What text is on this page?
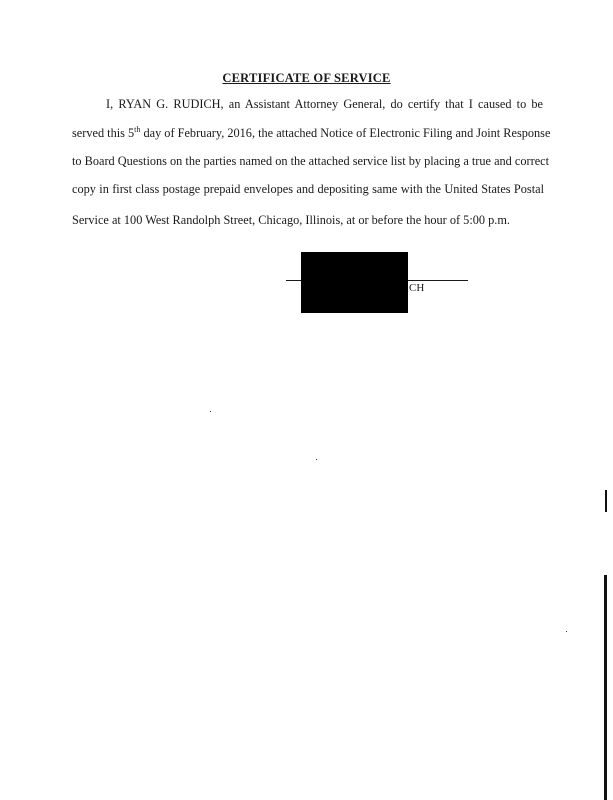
CERTIFICATE OF SERVICE
I, RYAN G. RUDICH, an Assistant Attorney General, do certify that I caused to be
served this 5th day of February, 2016, the attached Notice of Electronic Filing and Joint Response
to Board Questions on the parties named on the attached service list by placing a true and correct
copy in first class postage prepaid envelopes and depositing same with the United States Postal
Service at 100 West Randolph Street, Chicago, Illinois, at or before the hour of 5:00 p.m.
CH
